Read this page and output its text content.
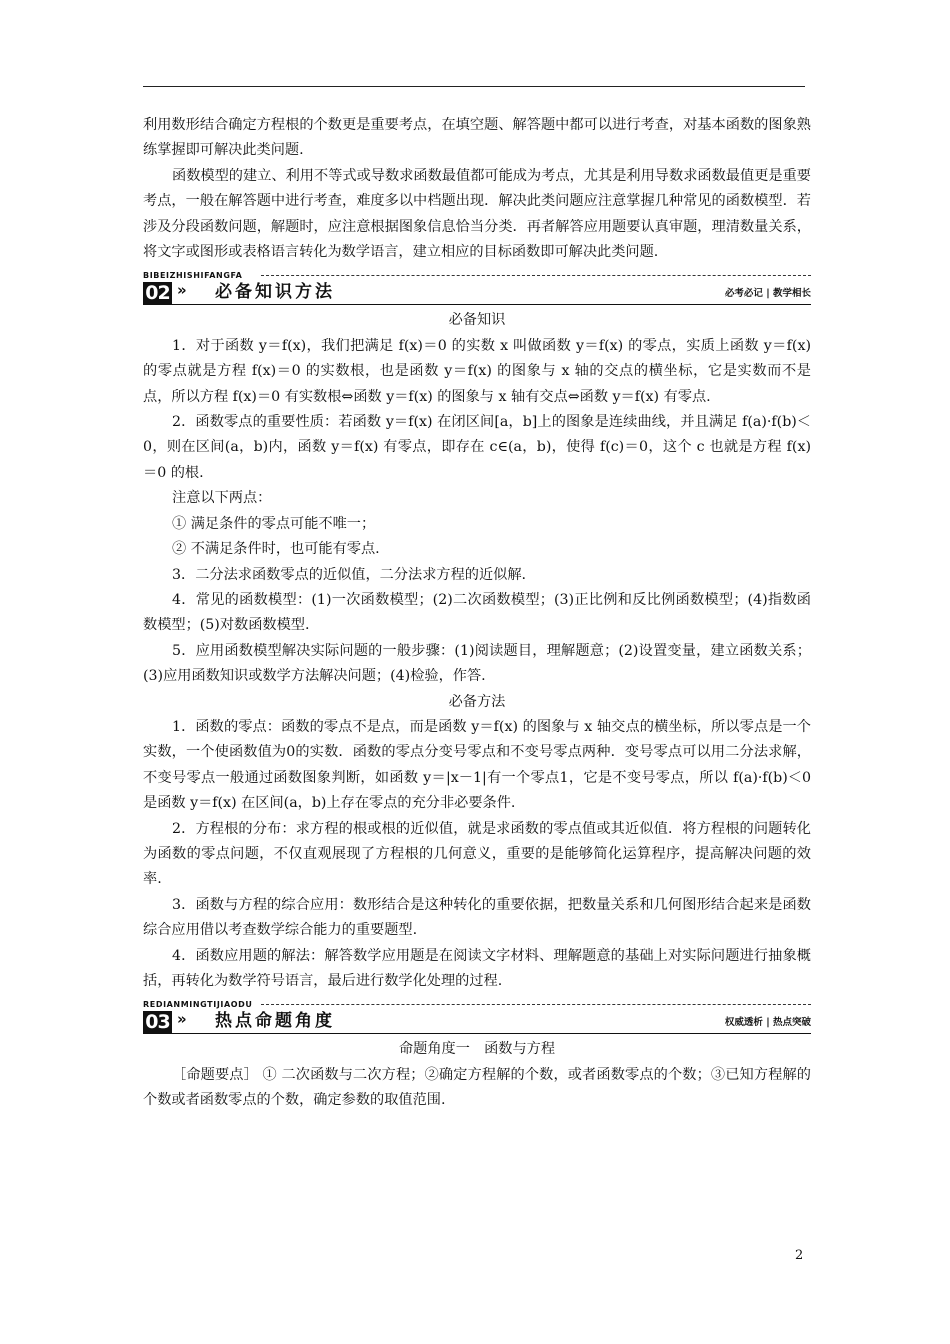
利用数形结合确定方程根的个数更是重要考点，在填空题、解答题中都可以进行考查，对基本函数的图象熟练掌握即可解决此类问题.

函数模型的建立、利用不等式或导数求函数最值都可能成为考点，尤其是利用导数求函数最值更是重要考点，一般在解答题中进行考查，难度多以中档题出现．解决此类问题应注意掌握几种常见的函数模型．若涉及分段函数问题，解题时，应注意根据图象信息恰当分类．再者解答应用题要认真审题，理清数量关系，将文字或图形或表格语言转化为数学语言，建立相应的目标函数即可解决此类问题.

BIBEIZHISHIFANGFA
02 » 必备知识方法	必考必记 | 教学相长

必备知识

1．对于函数 y＝f(x)，我们把满足 f(x)＝0 的实数 x 叫做函数 y＝f(x) 的零点，实质上函数 y＝f(x) 的零点就是方程 f(x)＝0 的实数根，也是函数 y＝f(x) 的图象与 x 轴的交点的横坐标，它是实数而不是点，所以方程 f(x)＝0 有实数根⇔函数 y＝f(x) 的图象与 x 轴有交点⇔函数 y＝f(x) 有零点.

2．函数零点的重要性质：若函数 y＝f(x) 在闭区间[a，b]上的图象是连续曲线，并且满足 f(a)·f(b)＜0，则在区间(a，b)内，函数 y＝f(x) 有零点，即存在 c∈(a，b)，使得 f(c)＝0，这个 c 也就是方程 f(x)＝0 的根.

注意以下两点：

① 满足条件的零点可能不唯一；

② 不满足条件时，也可能有零点.

3．二分法求函数零点的近似值，二分法求方程的近似解.

4．常见的函数模型：(1)一次函数模型；(2)二次函数模型；(3)正比例和反比例函数模型；(4)指数函数模型；(5)对数函数模型.

5．应用函数模型解决实际问题的一般步骤：(1)阅读题目，理解题意；(2)设置变量，建立函数关系；(3)应用函数知识或数学方法解决问题；(4)检验，作答.

必备方法

1．函数的零点：函数的零点不是点，而是函数 y＝f(x) 的图象与 x 轴交点的横坐标，所以零点是一个实数，一个使函数值为0的实数．函数的零点分变号零点和不变号零点两种．变号零点可以用二分法求解，不变号零点一般通过函数图象判断，如函数 y＝|x－1|有一个零点1，它是不变号零点，所以 f(a)·f(b)＜0 是函数 y＝f(x) 在区间(a，b)上存在零点的充分非必要条件.

2．方程根的分布：求方程的根或根的近似值，就是求函数的零点值或其近似值．将方程根的问题转化为函数的零点问题，不仅直观展现了方程根的几何意义，重要的是能够简化运算程序，提高解决问题的效率.

3．函数与方程的综合应用：数形结合是这种转化的重要依据，把数量关系和几何图形结合起来是函数综合应用借以考查数学综合能力的重要题型.

4．函数应用题的解法：解答数学应用题是在阅读文字材料、理解题意的基础上对实际问题进行抽象概括，再转化为数学符号语言，最后进行数学化处理的过程.

REDIANMINGTIJIAODU
03 » 热点命题角度	权威透析 | 热点突破

命题角度一　函数与方程

［命题要点］ ① 二次函数与二次方程；②确定方程解的个数，或者函数零点的个数；③已知方程解的个数或者函数零点的个数，确定参数的取值范围.

2
